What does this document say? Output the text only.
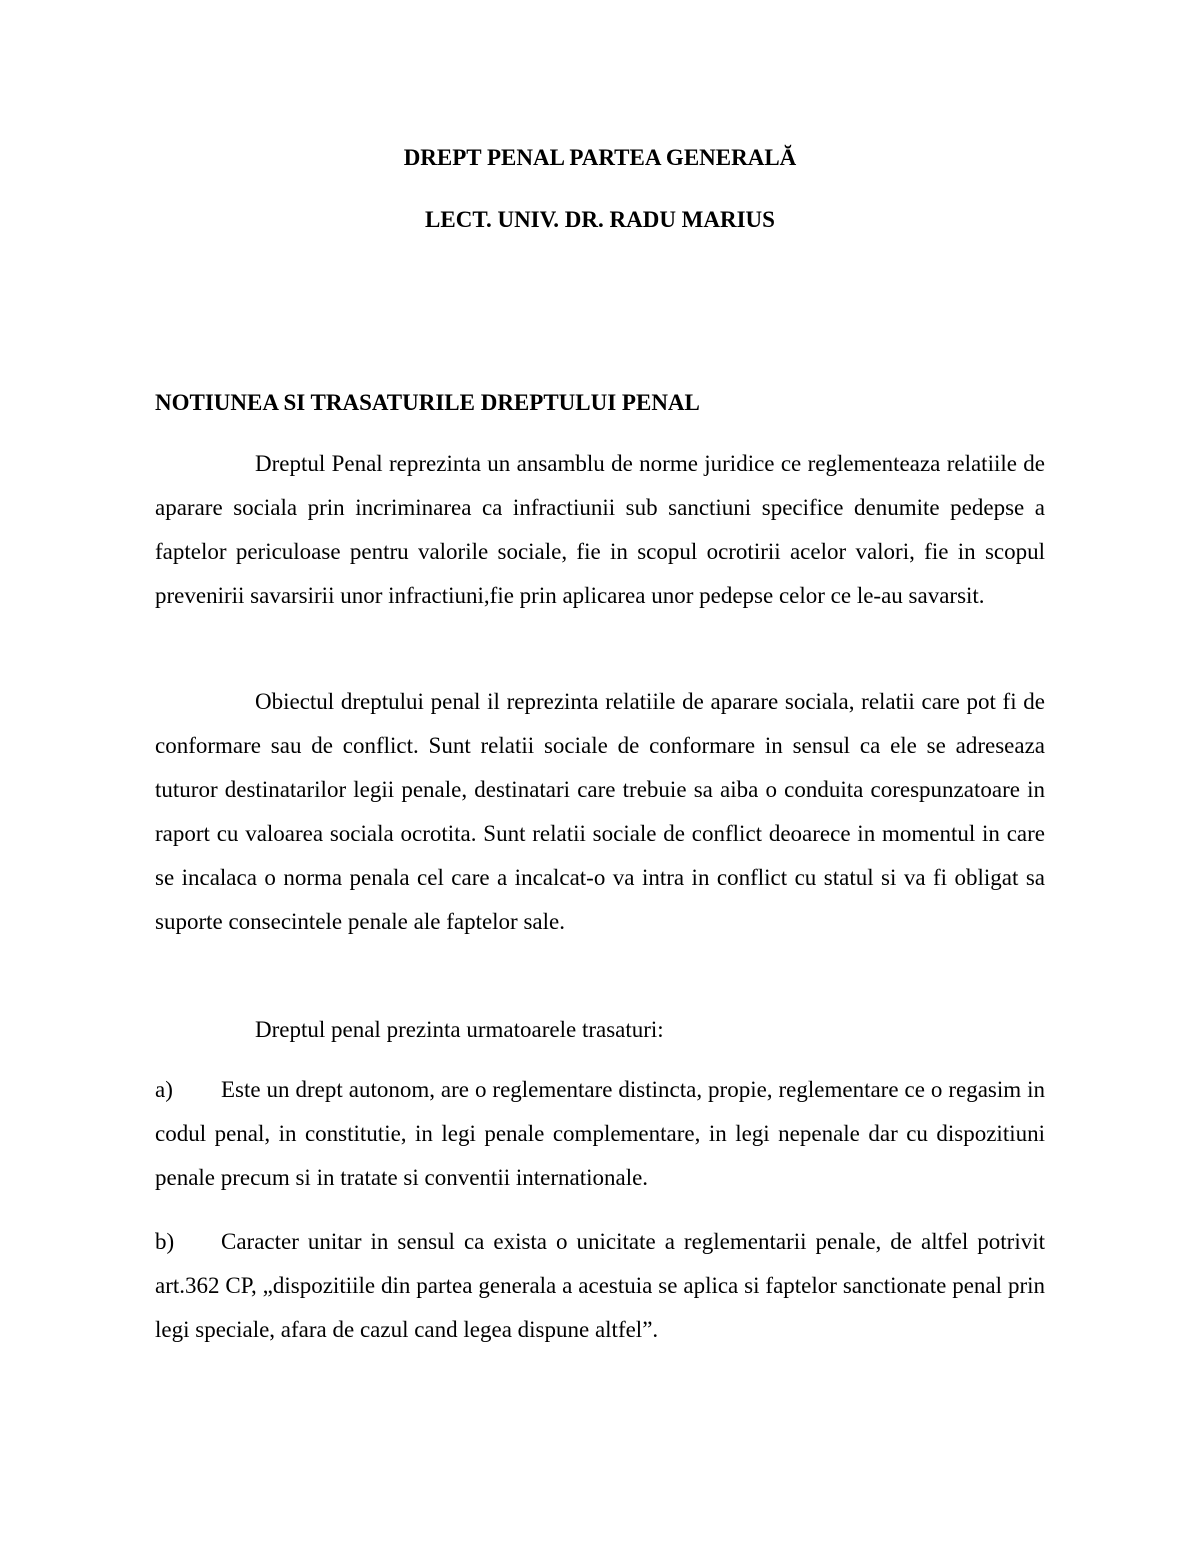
DREPT PENAL PARTEA GENERALĂ
LECT. UNIV. DR. RADU MARIUS
NOTIUNEA SI TRASATURILE DREPTULUI PENAL

Dreptul Penal reprezinta un ansamblu de norme juridice ce reglementeaza relatiile de aparare sociala prin incriminarea ca infractiunii sub sanctiuni specifice denumite pedepse a faptelor periculoase pentru valorile sociale, fie in scopul ocrotirii acelor valori, fie in scopul prevenirii savarsirii unor infractiuni,fie prin aplicarea unor pedepse celor ce le-au savarsit.

Obiectul dreptului penal il reprezinta relatiile de aparare sociala, relatii care pot fi de conformare sau de conflict. Sunt relatii sociale de conformare in sensul ca ele se adreseaza tuturor destinatarilor legii penale, destinatari care trebuie sa aiba o conduita corespunzatoare in raport cu valoarea sociala ocrotita. Sunt relatii sociale de conflict deoarece in momentul in care se incalaca o norma penala cel care a incalcat-o va intra in conflict cu statul si va fi obligat sa suporte consecintele penale ale faptelor sale.

Dreptul penal prezinta urmatoarele trasaturi:

a) Este un drept autonom, are o reglementare distincta, propie, reglementare ce o regasim in codul penal, in constitutie, in legi penale complementare, in legi nepenale dar cu dispozitiuni penale precum si in tratate si conventii internationale.

b) Caracter unitar in sensul ca exista o unicitate a reglementarii penale, de altfel potrivit art.362 CP, „dispozitiile din partea generala a acestuia se aplica si faptelor sanctionate penal prin legi speciale, afara de cazul cand legea dispune altfel”.
